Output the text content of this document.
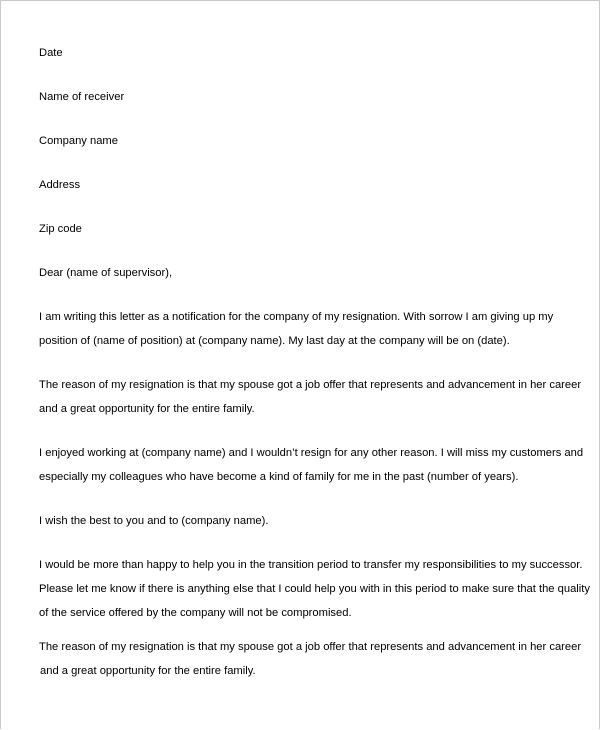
Date

Name of receiver

Company name

Address

Zip code

Dear (name of supervisor),

I am writing this letter as a notification for the company of my resignation. With sorrow I am giving up my

position of (name of position) at (company name). My last day at the company will be on (date).

The reason of my resignation is that my spouse got a job offer that represents and advancement in her career

and a great opportunity for the entire family.

I enjoyed working at (company name) and I wouldn’t resign for any other reason. I will miss my customers and

especially my colleagues who have become a kind of family for me in the past (number of years).

I wish the best to you and to (company name).

I would be more than happy to help you in the transition period to transfer my responsibilities to my successor.

Please let me know if there is anything else that I could help you with in this period to make sure that the quality

of the service offered by the company will not be compromised.

The reason of my resignation is that my spouse got a job offer that represents and advancement in her career

and a great opportunity for the entire family.
